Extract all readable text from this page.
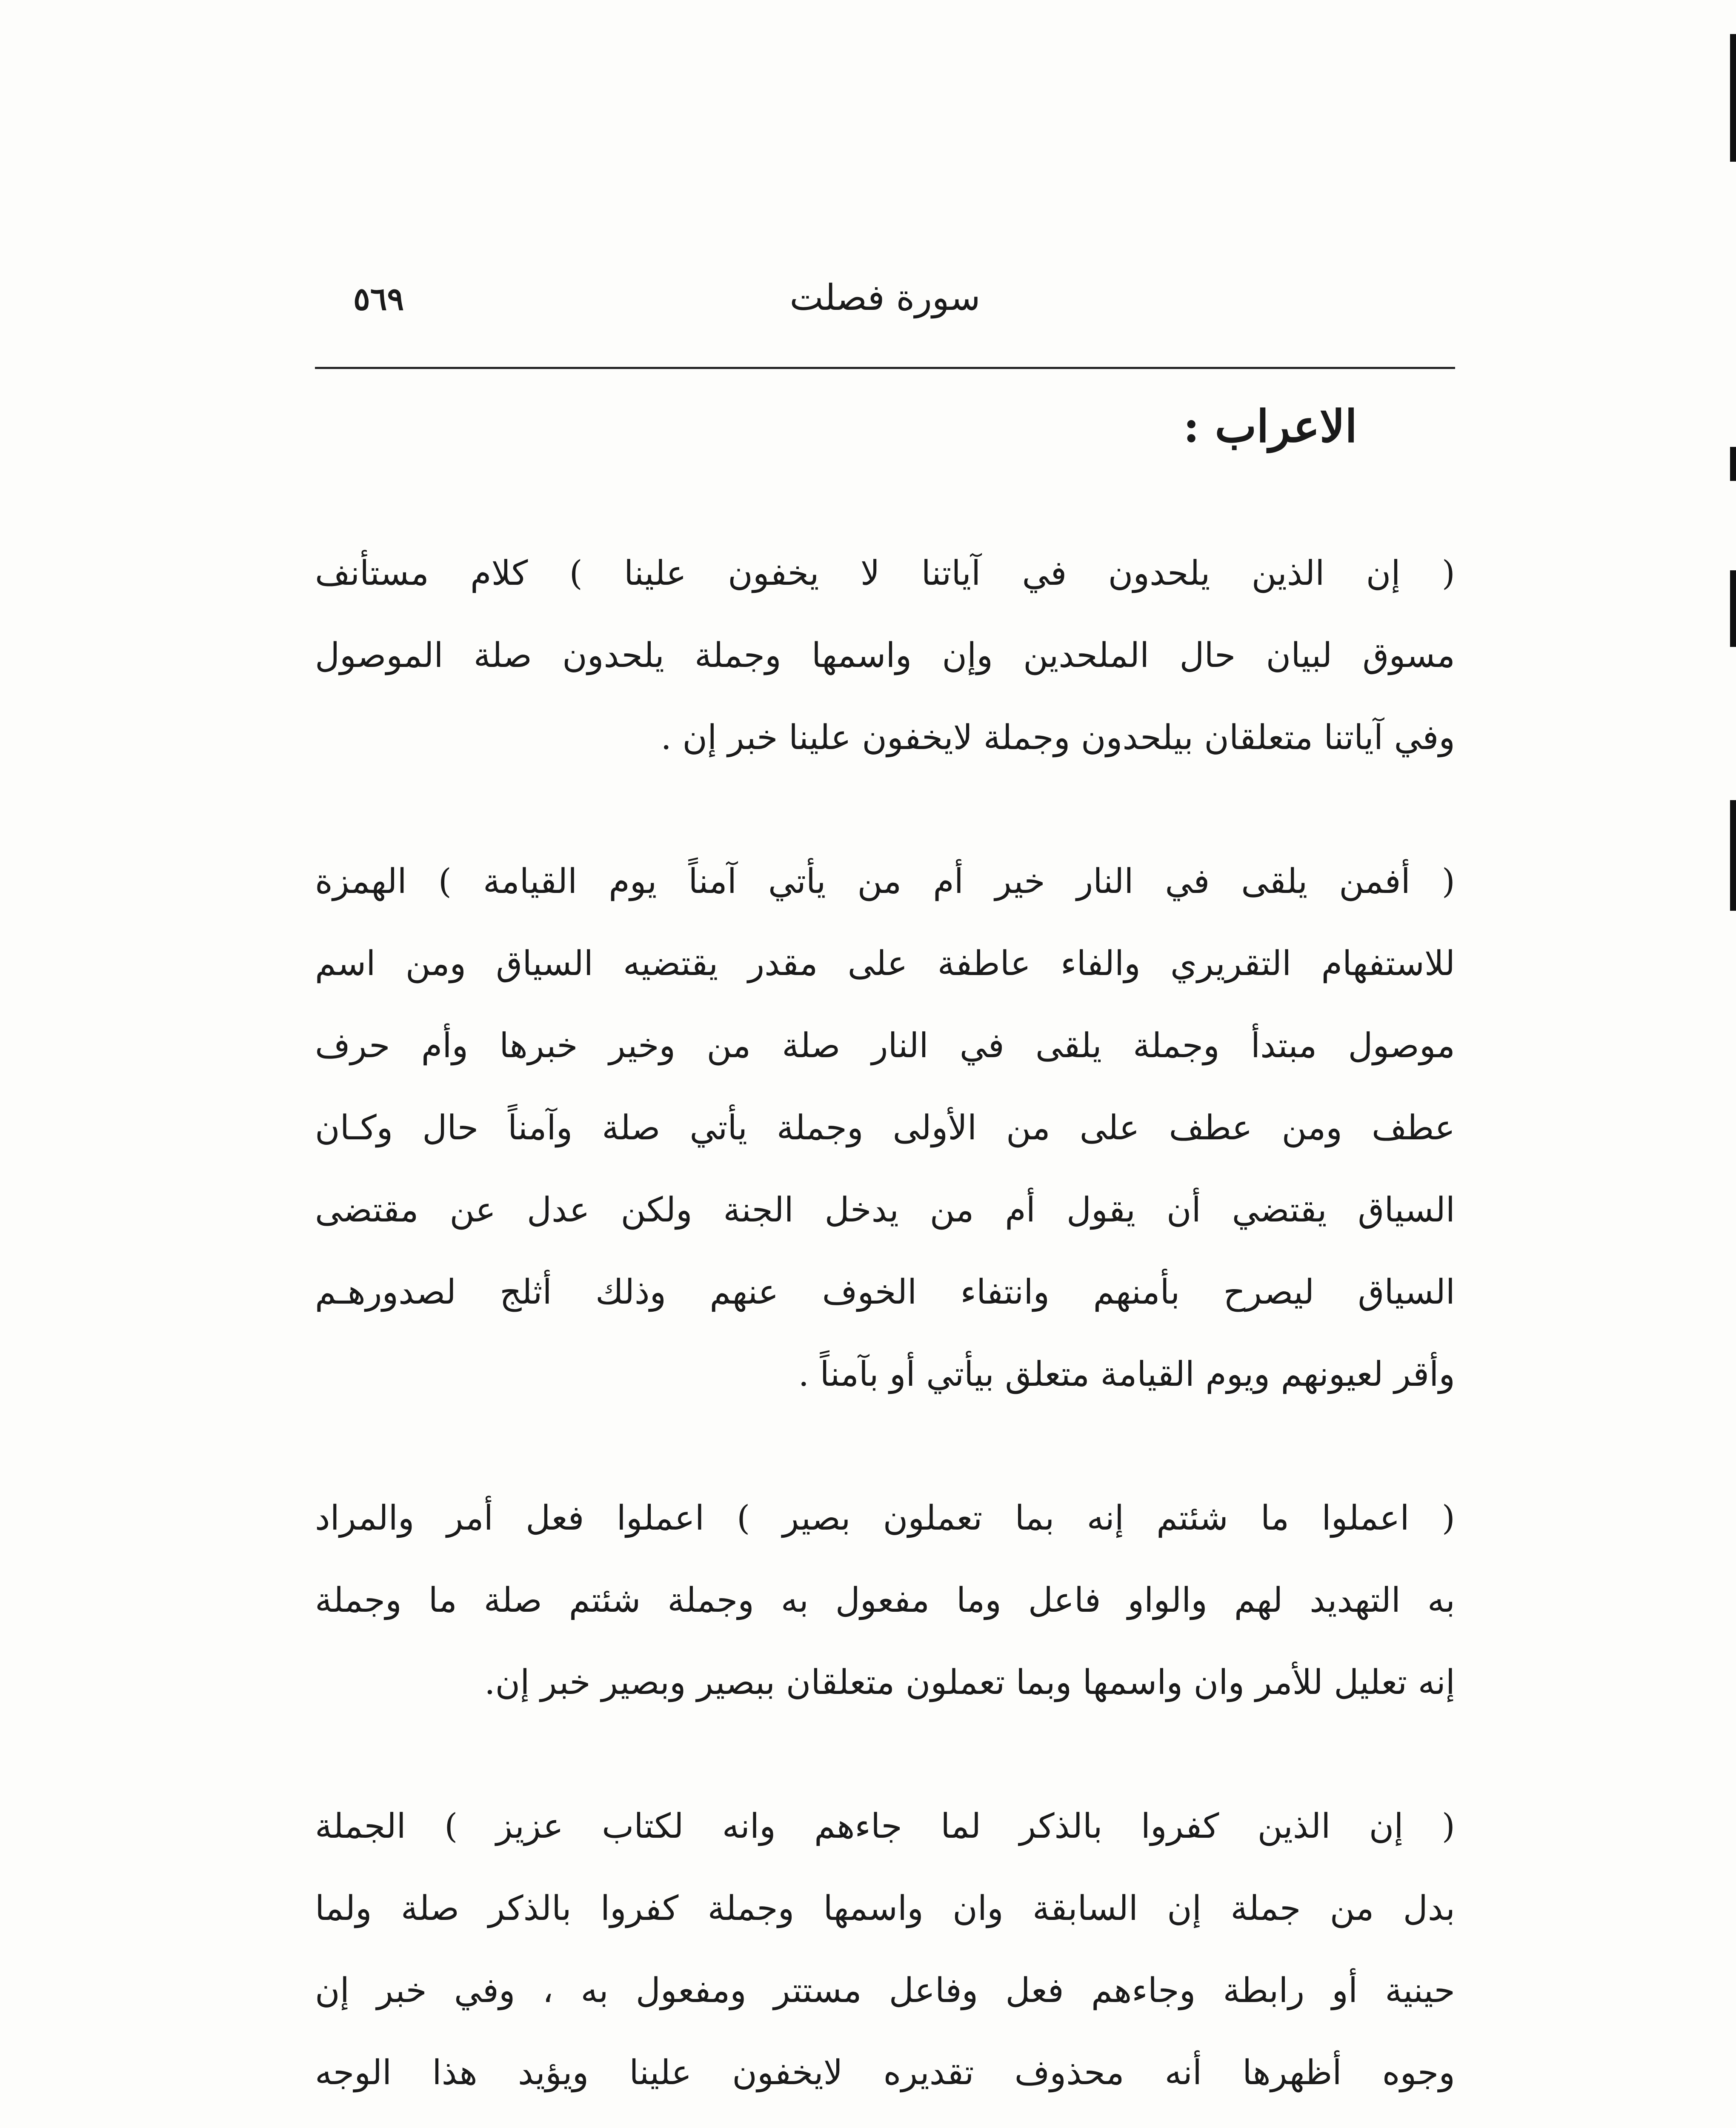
٥٦٩	سورة فصلت
الاعراب :
( إن الذين يلحدون في آياتنا لا يخفون علينا ) كلام مستأنف
مسوق لبيان حال الملحدين وإن واسمها وجملة يلحدون صلة الموصول
وفي آياتنا متعلقان بيلحدون وجملة لايخفون علينا خبر إن .
( أفمن يلقى في النار خير أم من يأتي آمناً يوم القيامة ) الهمزة
للاستفهام التقريري والفاء عاطفة على مقدر يقتضيه السياق ومن اسم
موصول مبتدأ وجملة يلقى في النار صلة من وخير خبرها وأم حرف
عطف ومن عطف على من الأولى وجملة يأتي صلة وآمناً حال وكـان
السياق يقتضي أن يقول أم من يدخل الجنة ولكن عدل عن مقتضى
السياق ليصرح بأمنهم وانتفاء الخوف عنهم وذلك أثلج لصدورهـم
وأقر لعيونهم ويوم القيامة متعلق بيأتي أو بآمناً .
( اعملوا ما شئتم إنه بما تعملون بصير ) اعملوا فعل أمر والمراد
به التهديد لهم والواو فاعل وما مفعول به وجملة شئتم صلة ما وجملة
إنه تعليل للأمر وان واسمها وبما تعملون متعلقان ببصير وبصير خبر إن.
( إن الذين كفروا بالذكر لما جاءهم وانه لكتاب عزيز ) الجملة
بدل من جملة إن السابقة وان واسمها وجملة كفروا بالذكر صلة ولما
حينية أو رابطة وجاءهم فعل وفاعل مستتر ومفعول به ، وفي خبر إن
وجوه أظهرها أنه محذوف تقديره لايخفون علينا ويؤيد هذا الوجه
